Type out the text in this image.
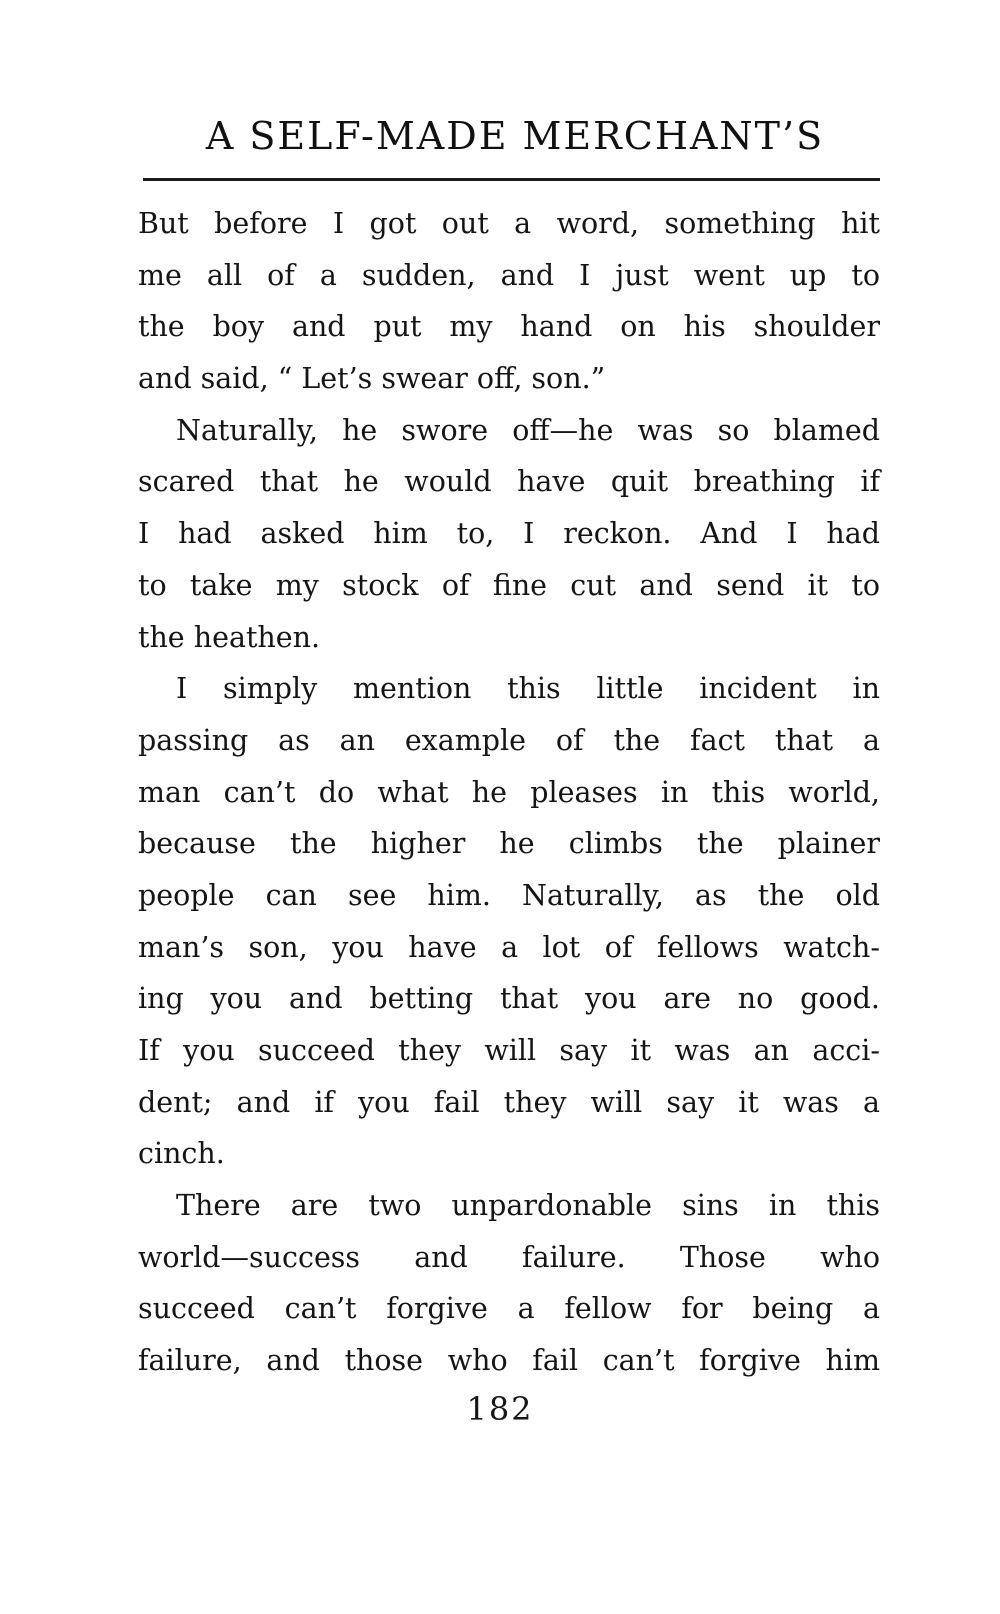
A SELF-MADE MERCHANT’S
But before I got out a word, something hit
me all of a sudden, and I just went up to
the boy and put my hand on his shoulder
and said, “ Let’s swear off, son.”
Naturally, he swore off—he was so blamed
scared that he would have quit breathing if
I had asked him to, I reckon. And I had
to take my stock of fine cut and send it to
the heathen.
I simply mention this little incident in
passing as an example of the fact that a
man can’t do what he pleases in this world,
because the higher he climbs the plainer
people can see him. Naturally, as the old
man’s son, you have a lot of fellows watch-
ing you and betting that you are no good.
If you succeed they will say it was an acci-
dent; and if you fail they will say it was a
cinch.
There are two unpardonable sins in this
world—success and failure. Those who
succeed can’t forgive a fellow for being a
failure, and those who fail can’t forgive him
182
